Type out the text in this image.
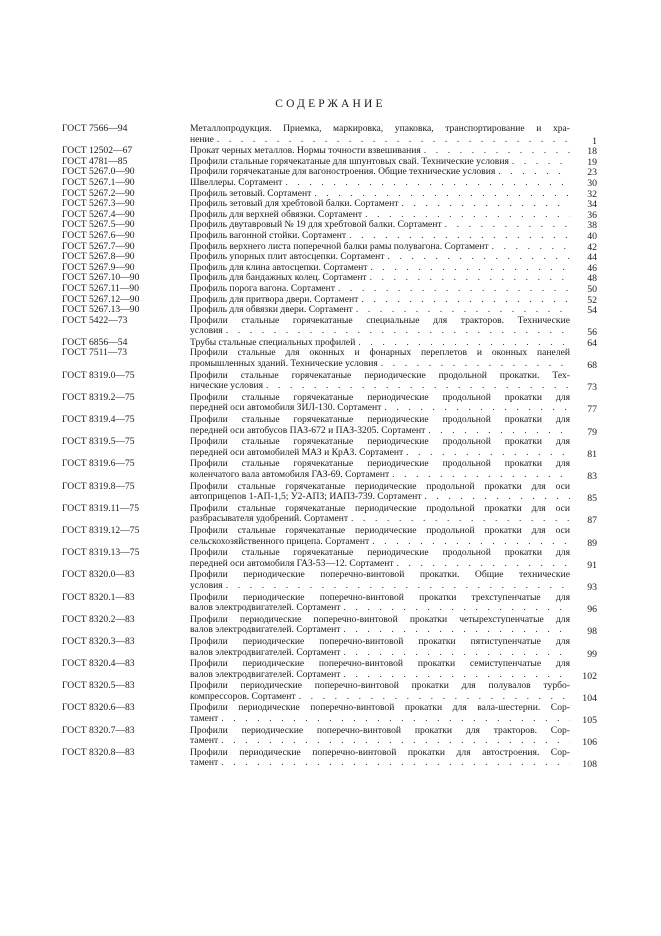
СОДЕРЖАНИЕ
ГОСТ 7566—94	Металлопродукция. Приемка, маркировка, упаковка, транспортирование и хра-
нение . . .	1
ГОСТ 12502—67	Прокат черных металлов. Нормы точности взвешивания . . .	18
ГОСТ 4781—85	Профили стальные горячекатаные для шпунтовых свай. Технические условия . . .	19
ГОСТ 5267.0—90	Профили горячекатаные для вагоностроения. Общие технические условия . . .	23
ГОСТ 5267.1—90	Швеллеры. Сортамент . . .	30
ГОСТ 5267.2—90	Профиль зетовый. Сортамент . . .	32
ГОСТ 5267.3—90	Профиль зетовый для хребтовой балки. Сортамент . . .	34
ГОСТ 5267.4—90	Профиль для верхней обвязки. Сортамент . . .	36
ГОСТ 5267.5—90	Профиль двутавровый № 19 для хребтовой балки. Сортамент . . .	38
ГОСТ 5267.6—90	Профиль вагонной стойки. Сортамент . . .	40
ГОСТ 5267.7—90	Профиль верхнего листа поперечной балки рамы полувагона. Сортамент . . .	42
ГОСТ 5267.8—90	Профиль упорных плит автосцепки. Сортамент . . .	44
ГОСТ 5267.9—90	Профиль для клина автосцепки. Сортамент . . .	46
ГОСТ 5267.10—90	Профиль для бандажных колец. Сортамент . . .	48
ГОСТ 5267.11—90	Профиль порога вагона. Сортамент . . .	50
ГОСТ 5267.12—90	Профиль для притвора двери. Сортамент . . .	52
ГОСТ 5267.13—90	Профиль для обвязки двери. Сортамент . . .	54
ГОСТ 5422—73	Профили стальные горячекатаные специальные для тракторов. Технические
условия . . .	56
ГОСТ 6856—54	Трубы стальные специальных профилей . . .	64
ГОСТ 7511—73	Профили стальные для оконных и фонарных переплетов и оконных панелей
промышленных зданий. Технические условия . . .	68
ГОСТ 8319.0—75	Профили стальные горячекатаные периодические продольной прокатки. Тех-
нические условия . . .	73
ГОСТ 8319.2—75	Профили стальные горячекатаные периодические продольной прокатки для
передней оси автомобиля ЗИЛ-130. Сортамент . . .	77
ГОСТ 8319.4—75	Профили стальные горячекатаные периодические продольной прокатки для
передней оси автобусов ПАЗ-672 и ПАЗ-3205. Сортамент . . .	79
ГОСТ 8319.5—75	Профили стальные горячекатаные периодические продольной прокатки для
передней оси автомобилей МАЗ и КрАЗ. Сортамент . . .	81
ГОСТ 8319.6—75	Профили стальные горячекатаные периодические продольной прокатки для
коленчатого вала автомобиля ГАЗ-69. Сортамент . . .	83
ГОСТ 8319.8—75	Профили стальные горячекатаные периодические продольной прокатки для оси
автоприцепов 1-АП-1,5; У2-АПЗ; ИАПЗ-739. Сортамент . . .	85
ГОСТ 8319.11—75	Профили стальные горячекатаные периодические продольной прокатки для оси
разбрасывателя удобрений. Сортамент . . .	87
ГОСТ 8319.12—75	Профили стальные горячекатаные периодические продольной прокатки для оси
сельскохозяйственного прицепа. Сортамент . . .	89
ГОСТ 8319.13—75	Профили стальные горячекатаные периодические продольной прокатки для
передней оси автомобиля ГАЗ-53—12. Сортамент . . .	91
ГОСТ 8320.0—83	Профили периодические поперечно-винтовой прокатки. Общие технические
условия . . .	93
ГОСТ 8320.1—83	Профили периодические поперечно-винтовой прокатки трехступенчатые для
валов электродвигателей. Сортамент . . .	96
ГОСТ 8320.2—83	Профили периодические поперечно-винтовой прокатки четырехступенчатые для
валов электродвигателей. Сортамент . . .	98
ГОСТ 8320.3—83	Профили периодические поперечно-винтовой прокатки пятиступенчатые для
валов электродвигателей. Сортамент . . .	99
ГОСТ 8320.4—83	Профили периодические поперечно-винтовой прокатки семиступенчатые для
валов электродвигателей. Сортамент . . .	102
ГОСТ 8320.5—83	Профили периодические поперечно-винтовой прокатки для полувалов турбо-
компрессоров. Сортамент . . .	104
ГОСТ 8320.6—83	Профили периодические поперечно-винтовой прокатки для вала-шестерни. Сор-
тамент . . .	105
ГОСТ 8320.7—83	Профили периодические поперечно-винтовой прокатки для тракторов. Сор-
тамент . . .	106
ГОСТ 8320.8—83	Профили периодические поперечно-винтовой прокатки для автостроения. Сор-
тамент . . .	108
